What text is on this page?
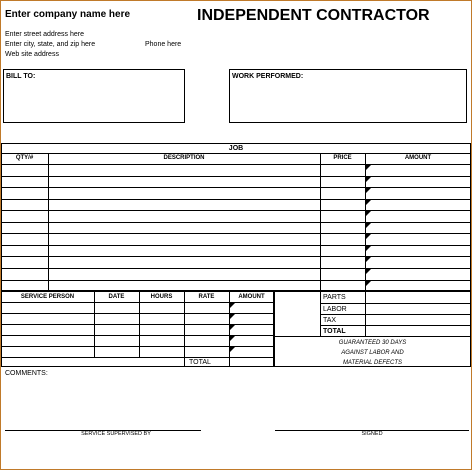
Enter company name here	INDEPENDENT CONTRACTOR
Enter street address here
Enter city, state, and zip here	Phone here
Web site address
BILL TO:	WORK PERFORMED:
JOB
QTY/#	DESCRIPTION	PRICE	AMOUNT
SERVICE PERSON	DATE	HOURS	RATE	AMOUNT
TOTAL
PARTS
LABOR
TAX
TOTAL
GUARANTEED 30 DAYS
AGAINST LABOR AND
MATERIAL DEFECTS
COMMENTS:
SERVICE SUPERVISED BY	SIGNED
